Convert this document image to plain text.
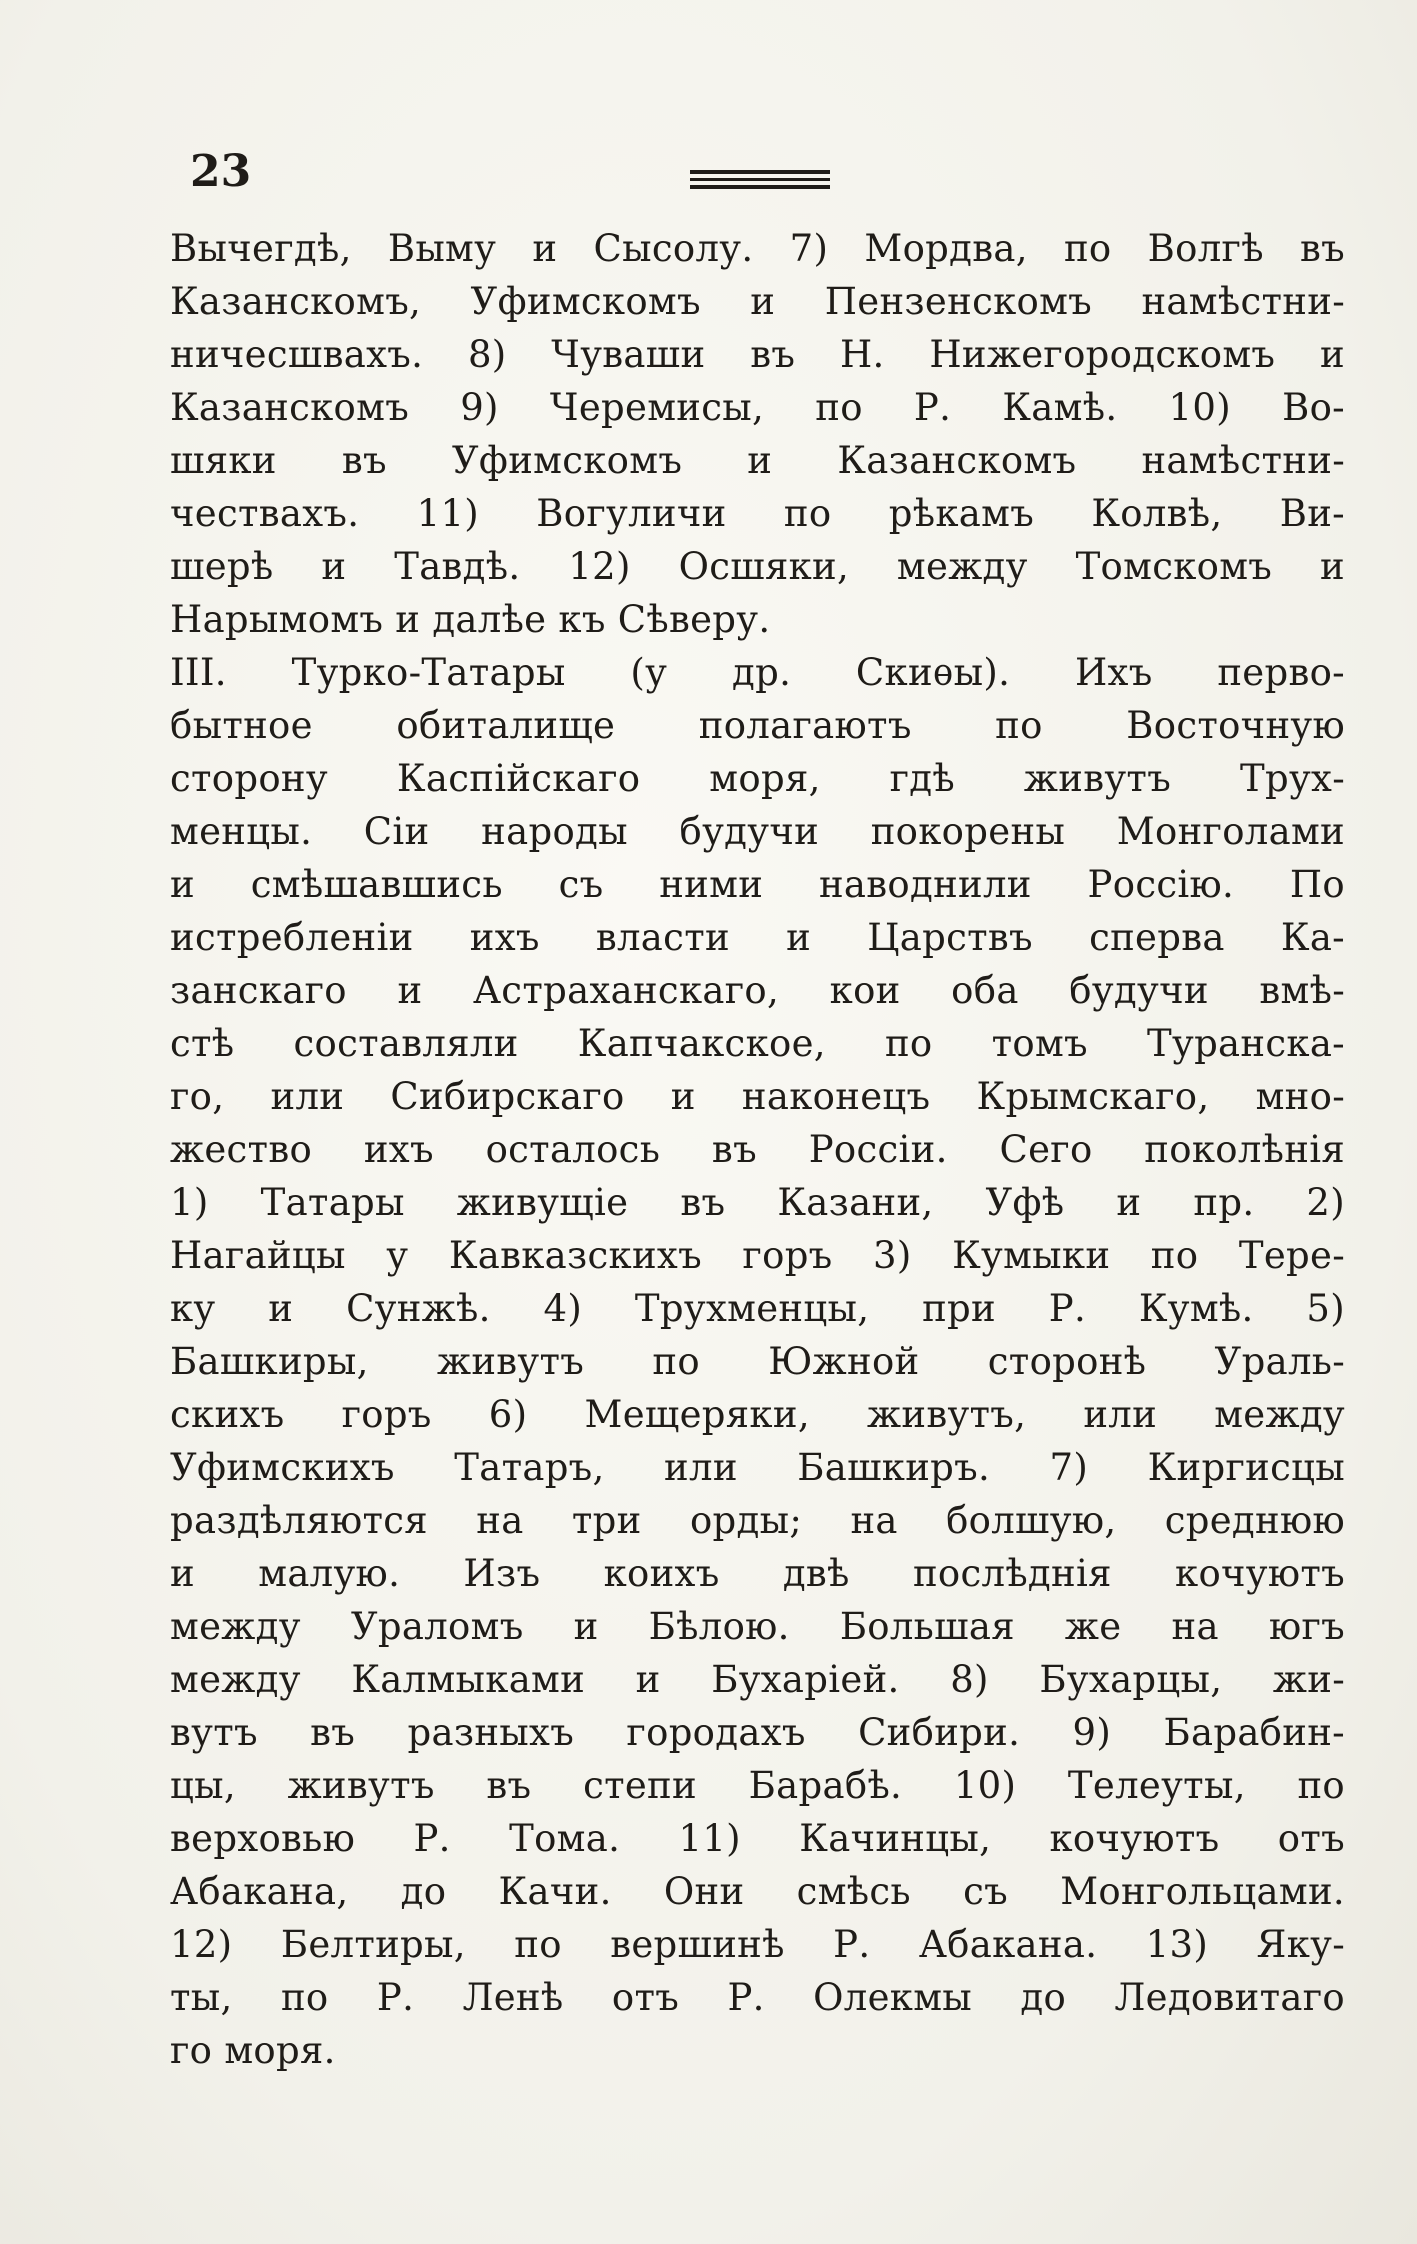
23
Вычегдѣ, Выму и Сысолу. 7) Мордва, по Волгѣ въ
Казанскомъ, Уфимскомъ и Пензенскомъ намѣстни-
ничесшвахъ. 8) Чуваши въ Н. Нижегородскомъ и
Казанскомъ 9) Черемисы, по Р. Камѣ. 10) Во-
шяки въ Уфимскомъ и Казанскомъ намѣстни-
чествахъ. 11) Вогуличи по рѣкамъ Колвѣ, Ви-
шерѣ и Тавдѣ. 12) Осшяки, между Томскомъ и
Нарымомъ и далѣе къ Сѣверу.
III. Турко-Татары (у др. Скиѳы). Ихъ перво-
бытное обиталище полагаютъ по Восточную
сторону Каспійскаго моря, гдѣ живутъ Трух-
менцы. Сіи народы будучи покорены Монголами
и смѣшавшись съ ними наводнили Россію. По
истребленіи ихъ власти и Царствъ сперва Ка-
занскаго и Астраханскаго, кои оба будучи вмѣ-
стѣ составляли Капчакское, по томъ Туранска-
го, или Сибирскаго и наконецъ Крымскаго, мно-
жество ихъ осталось въ Россіи. Сего поколѣнія
1) Татары живущіе въ Казани, Уфѣ и пр. 2)
Нагайцы у Кавказскихъ горъ 3) Кумыки по Тере-
ку и Сунжѣ. 4) Трухменцы, при Р. Кумѣ. 5)
Башкиры, живутъ по Южной сторонѣ Ураль-
скихъ горъ 6) Мещеряки, живутъ, или между
Уфимскихъ Татаръ, или Башкиръ. 7) Киргисцы
раздѣляются на три орды; на болшую, среднюю
и малую. Изъ коихъ двѣ послѣднія кочуютъ
между Ураломъ и Бѣлою. Большая же на югъ
между Калмыками и Бухаріей. 8) Бухарцы, жи-
вутъ въ разныхъ городахъ Сибири. 9) Барабин-
цы, живутъ въ степи Барабѣ. 10) Телеуты, по
верховью Р. Тома. 11) Качинцы, кочуютъ отъ
Абакана, до Качи. Они смѣсь съ Монгольцами.
12) Белтиры, по вершинѣ Р. Абакана. 13) Яку-
ты, по Р. Ленѣ отъ Р. Олекмы до Ледовитаго
го моря.
